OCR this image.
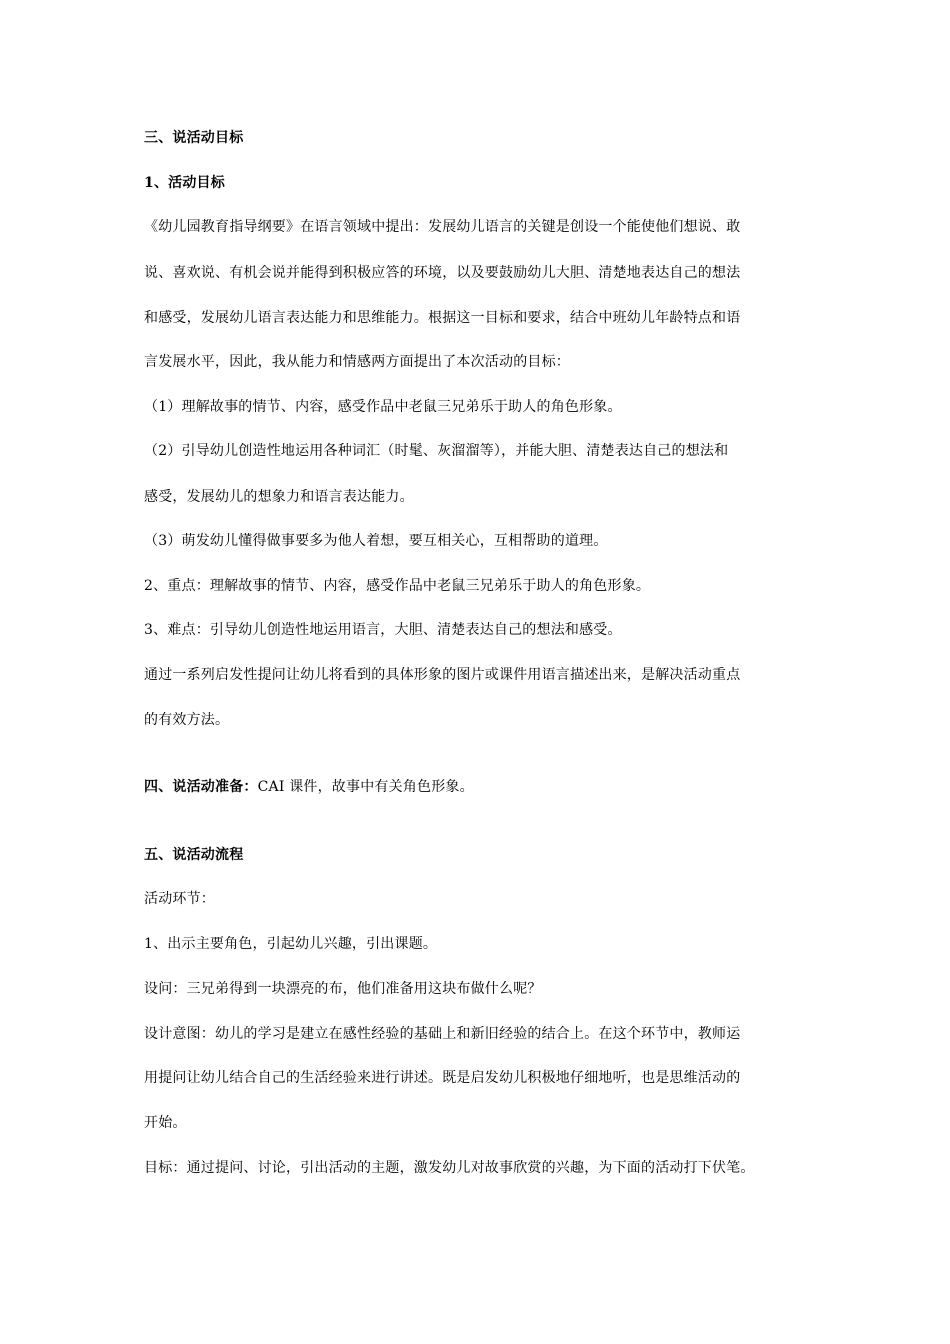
三、说活动目标
1、活动目标
《幼儿园教育指导纲要》在语言领域中提出：发展幼儿语言的关键是创设一个能使他们想说、敢
说、喜欢说、有机会说并能得到积极应答的环境，以及要鼓励幼儿大胆、清楚地表达自己的想法
和感受，发展幼儿语言表达能力和思维能力。根据这一目标和要求，结合中班幼儿年龄特点和语
言发展水平，因此，我从能力和情感两方面提出了本次活动的目标：
（1）理解故事的情节、内容，感受作品中老鼠三兄弟乐于助人的角色形象。
（2）引导幼儿创造性地运用各种词汇（时髦、灰溜溜等），并能大胆、清楚表达自己的想法和
感受，发展幼儿的想象力和语言表达能力。
（3）萌发幼儿懂得做事要多为他人着想，要互相关心，互相帮助的道理。
2、重点：理解故事的情节、内容，感受作品中老鼠三兄弟乐于助人的角色形象。
3、难点：引导幼儿创造性地运用语言，大胆、清楚表达自己的想法和感受。
通过一系列启发性提问让幼儿将看到的具体形象的图片或课件用语言描述出来，是解决活动重点
的有效方法。
四、说活动准备：CAI 课件，故事中有关角色形象。
五、说活动流程
活动环节：
1、出示主要角色，引起幼儿兴趣，引出课题。
设问：三兄弟得到一块漂亮的布，他们准备用这块布做什么呢？
设计意图：幼儿的学习是建立在感性经验的基础上和新旧经验的结合上。在这个环节中，教师运
用提问让幼儿结合自己的生活经验来进行讲述。既是启发幼儿积极地仔细地听，也是思维活动的
开始。
目标：通过提问、讨论，引出活动的主题，激发幼儿对故事欣赏的兴趣，为下面的活动打下伏笔。
